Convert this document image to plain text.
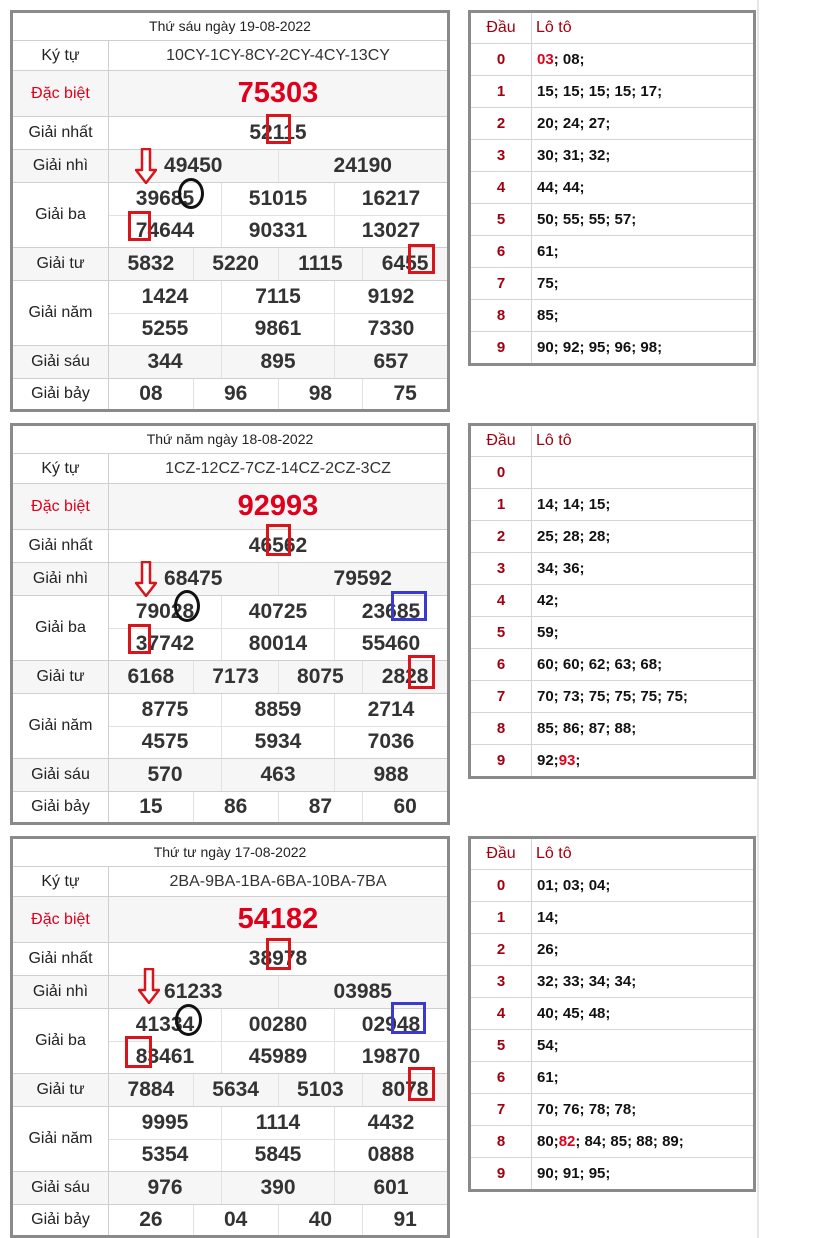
Thứ sáu ngày 19-08-2022
Ký tự	10CY-1CY-8CY-2CY-4CY-13CY
Đặc biệt	75303
Giải nhất	52115
Giải nhì	49450	24190
Giải ba
39685	51015	16217
74644	90331	13027
Giải tư	5832	5220	1115	6455
Giải năm
1424	7115	9192
5255	9861	7330
Giải sáu	344	895	657
Giải bảy	08	96	98	75
Đầu	Lô tô
0	03 ; 08;
1	15; 15; 15; 15; 17;
2	20; 24; 27;
3	30; 31; 32;
4	44; 44;
5	50; 55; 55; 57;
6	61;
7	75;
8	85;
9	90; 92; 95; 96; 98;
Thứ năm ngày 18-08-2022
Ký tự	1CZ-12CZ-7CZ-14CZ-2CZ-3CZ
Đặc biệt	92993
Giải nhất	46562
Giải nhì	68475	79592
Giải ba
79028	40725	23685
37742	80014	55460
Giải tư	6168	7173	8075	2828
Giải năm
8775	8859	2714
4575	5934	7036
Giải sáu	570	463	988
Giải bảy	15	86	87	60
Đầu	Lô tô
0
1	14; 14; 15;
2	25; 28; 28;
3	34; 36;
4	42;
5	59;
6	60; 60; 62; 63; 68;
7	70; 73; 75; 75; 75; 75;
8	85; 86; 87; 88;
9	92; 93 ;
Thứ tư ngày 17-08-2022
Ký tự	2BA-9BA-1BA-6BA-10BA-7BA
Đặc biệt	54182
Giải nhất	38978
Giải nhì	61233	03985
Giải ba
41334	00280	02948
83461	45989	19870
Giải tư	7884	5634	5103	8078
Giải năm
9995	1114	4432
5354	5845	0888
Giải sáu	976	390	601
Giải bảy	26	04	40	91
Đầu	Lô tô
0	01; 03; 04;
1	14;
2	26;
3	32; 33; 34; 34;
4	40; 45; 48;
5	54;
6	61;
7	70; 76; 78; 78;
8	80; 82 ; 84; 85; 88; 89;
9	90; 91; 95;
